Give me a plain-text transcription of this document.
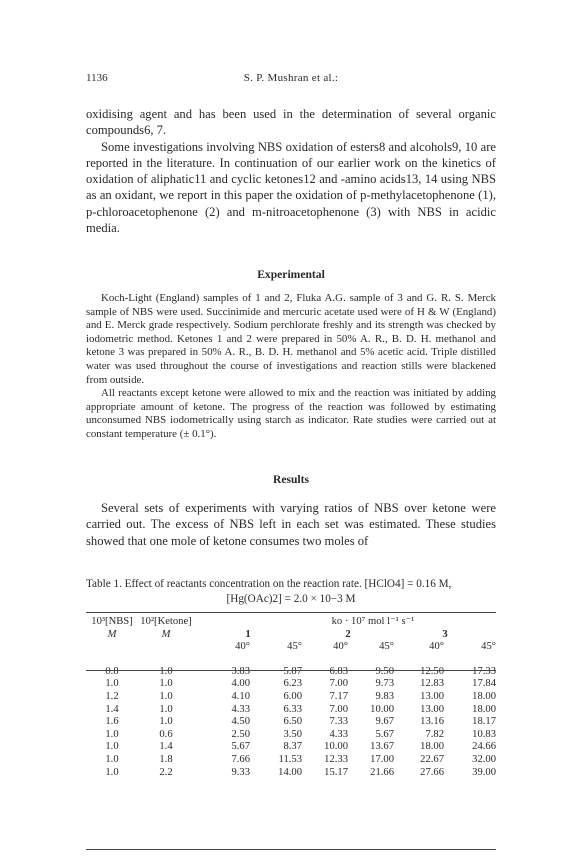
1136	S. P. Mushran et al.:

oxidising agent and has been used in the determination of several organic compounds6, 7.

Some investigations involving NBS oxidation of esters8 and alcohols9, 10 are reported in the literature. In continuation of our earlier work on the kinetics of oxidation of aliphatic11 and cyclic ketones12 and -amino acids13, 14 using NBS as an oxidant, we report in this paper the oxidation of p-methylacetophenone (1), p-chloroacetophenone (2) and m-nitroacetophenone (3) with NBS in acidic media.

Experimental

Koch-Light (England) samples of 1 and 2, Fluka A.G. sample of 3 and G. R. S. Merck sample of NBS were used. Succinimide and mercuric acetate used were of H & W (England) and E. Merck grade respectively. Sodium perchlorate freshly and its strength was checked by iodometric method. Ketones 1 and 2 were prepared in 50% A. R., B. D. H. methanol and ketone 3 was prepared in 50% A. R., B. D. H. methanol and 5% acetic acid. Triple distilled water was used throughout the course of investigations and reaction stills were blackened from outside.

All reactants except ketone were allowed to mix and the reaction was initiated by adding appropriate amount of ketone. The progress of the reaction was followed by estimating unconsumed NBS iodometrically using starch as indicator. Rate studies were carried out at constant temperature (± 0.1°).

Results

Several sets of experiments with varying ratios of NBS over ketone were carried out. The excess of NBS left in each set was estimated. These studies showed that one mole of ketone consumes two moles of

Table 1. Effect of reactants concentration on the reaction rate. [HClO4] = 0.16 M,
[Hg(OAc)2] = 2.0 × 10−3 M
10³[NBS]	10²[Ketone]		ko · 10⁷ mol l⁻¹ s⁻¹				
M	M	1		2		3	
		40°	45°	40°	45°	40°	45°

0.8	1.0	3.83	5.87	6.83	9.50	12.50	17.33
1.0	1.0	4.00	6.23	7.00	9.73	12.83	17.84
1.2	1.0	4.10	6.00	7.17	9.83	13.00	18.00
1.4	1.0	4.33	6.33	7.00	10.00	13.00	18.00
1.6	1.0	4.50	6.50	7.33	9.67	13.16	18.17
1.0	0.6	2.50	3.50	4.33	5.67	7.82	10.83
1.0	1.4	5.67	8.37	10.00	13.67	18.00	24.66
1.0	1.8	7.66	11.53	12.33	17.00	22.67	32.00
1.0	2.2	9.33	14.00	15.17	21.66	27.66	39.00
